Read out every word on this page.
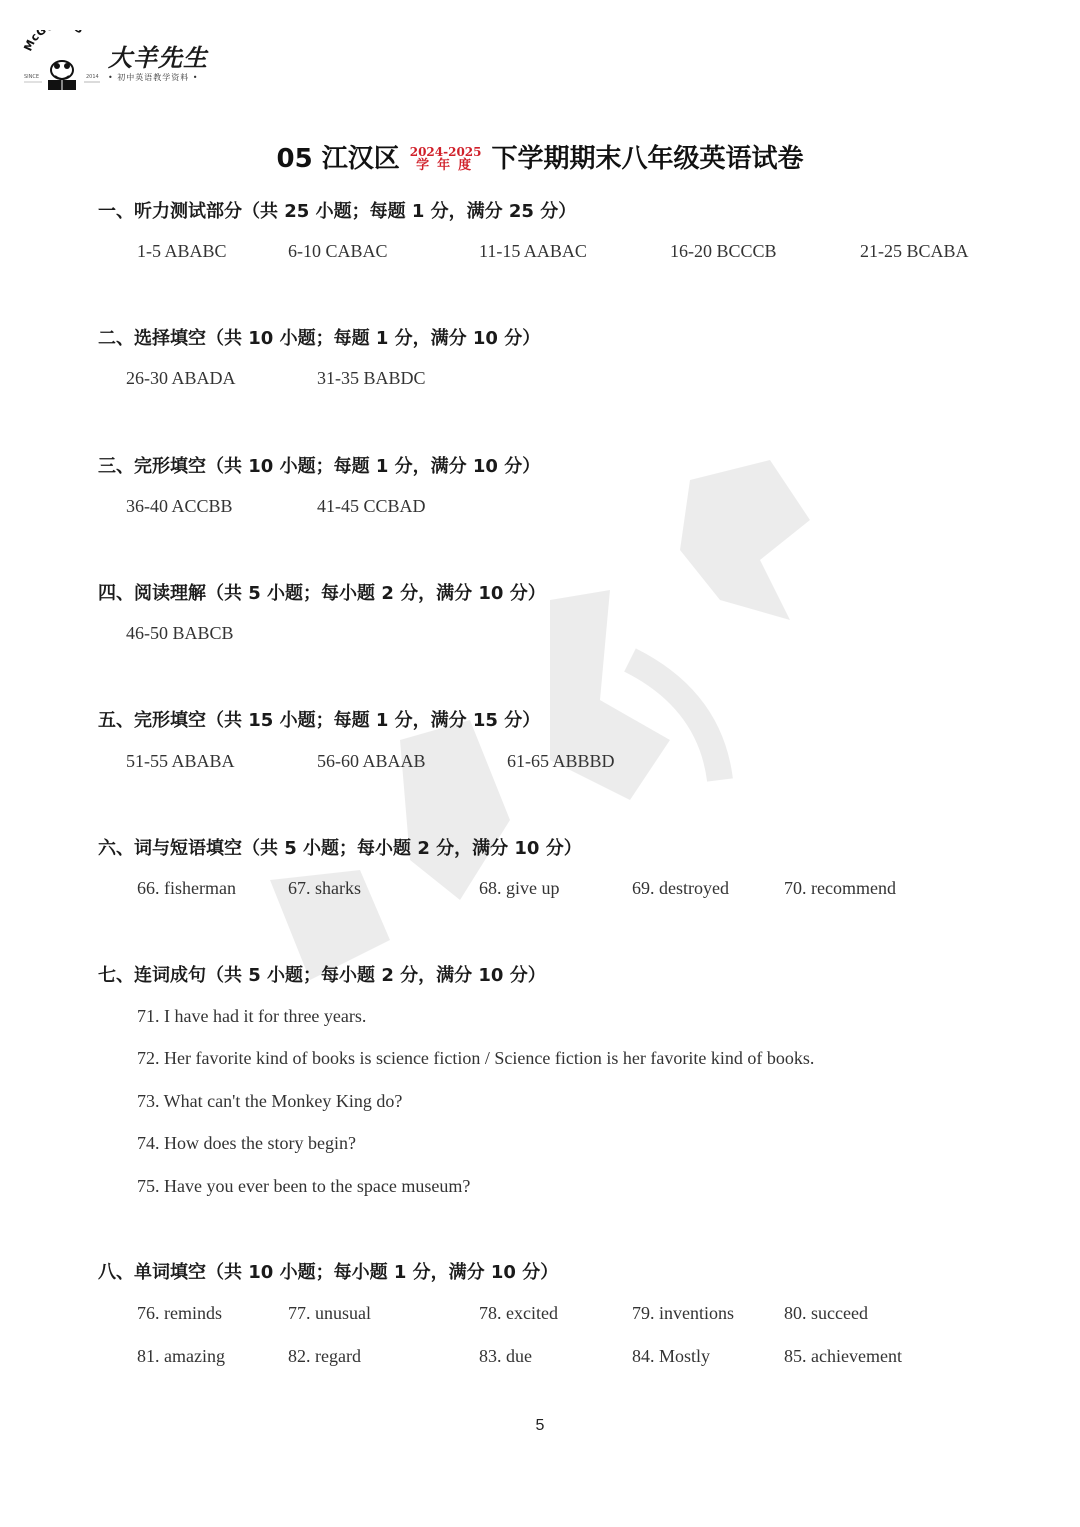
McG
SINCE	2014
大羊先生
• 初中英语教学资料 •
05 江汉区 2024-2025
学年度 下学期期末八年级英语试卷
一、听力测试部分（共 25 小题；每题 1 分，满分 25 分）
1-5 ABABC	6-10 CABAC	11-15 AABAC	16-20 BCCCB	21-25 BCABA
二、选择填空（共 10 小题；每题 1 分，满分 10 分）
26-30 ABADA	31-35 BABDC
三、完形填空（共 10 小题；每题 1 分，满分 10 分）
36-40 ACCBB	41-45 CCBAD
四、阅读理解（共 5 小题；每小题 2 分，满分 10 分）
46-50 BABCB
五、完形填空（共 15 小题；每题 1 分，满分 15 分）
51-55 ABABA	56-60 ABAAB	61-65 ABBBD
六、词与短语填空（共 5 小题；每小题 2 分，满分 10 分）
66. fisherman	67. sharks	68. give up	69. destroyed	70. recommend
七、连词成句（共 5 小题；每小题 2 分，满分 10 分）
71. I have had it for three years.
72. Her favorite kind of books is science fiction / Science fiction is her favorite kind of books.
73. What can't the Monkey King do?
74. How does the story begin?
75. Have you ever been to the space museum?
八、单词填空（共 10 小题；每小题 1 分，满分 10 分）
76. reminds	77. unusual	78. excited	79. inventions	80. succeed
81. amazing	82. regard	83. due	84. Mostly	85. achievement
5
